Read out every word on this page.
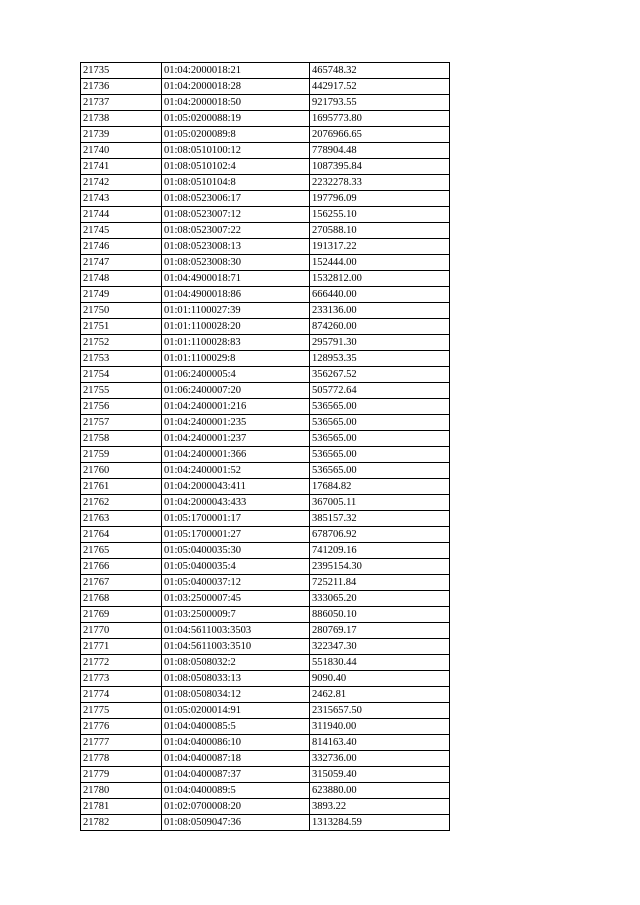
21735	01:04:2000018:21	465748.32
21736	01:04:2000018:28	442917.52
21737	01:04:2000018:50	921793.55
21738	01:05:0200088:19	1695773.80
21739	01:05:0200089:8	2076966.65
21740	01:08:0510100:12	778904.48
21741	01:08:0510102:4	1087395.84
21742	01:08:0510104:8	2232278.33
21743	01:08:0523006:17	197796.09
21744	01:08:0523007:12	156255.10
21745	01:08:0523007:22	270588.10
21746	01:08:0523008:13	191317.22
21747	01:08:0523008:30	152444.00
21748	01:04:4900018:71	1532812.00
21749	01:04:4900018:86	666440.00
21750	01:01:1100027:39	233136.00
21751	01:01:1100028:20	874260.00
21752	01:01:1100028:83	295791.30
21753	01:01:1100029:8	128953.35
21754	01:06:2400005:4	356267.52
21755	01:06:2400007:20	505772.64
21756	01:04:2400001:216	536565.00
21757	01:04:2400001:235	536565.00
21758	01:04:2400001:237	536565.00
21759	01:04:2400001:366	536565.00
21760	01:04:2400001:52	536565.00
21761	01:04:2000043:411	17684.82
21762	01:04:2000043:433	367005.11
21763	01:05:1700001:17	385157.32
21764	01:05:1700001:27	678706.92
21765	01:05:0400035:30	741209.16
21766	01:05:0400035:4	2395154.30
21767	01:05:0400037:12	725211.84
21768	01:03:2500007:45	333065.20
21769	01:03:2500009:7	886050.10
21770	01:04:5611003:3503	280769.17
21771	01:04:5611003:3510	322347.30
21772	01:08:0508032:2	551830.44
21773	01:08:0508033:13	9090.40
21774	01:08:0508034:12	2462.81
21775	01:05:0200014:91	2315657.50
21776	01:04:0400085:5	311940.00
21777	01:04:0400086:10	814163.40
21778	01:04:0400087:18	332736.00
21779	01:04:0400087:37	315059.40
21780	01:04:0400089:5	623880.00
21781	01:02:0700008:20	3893.22
21782	01:08:0509047:36	1313284.59
